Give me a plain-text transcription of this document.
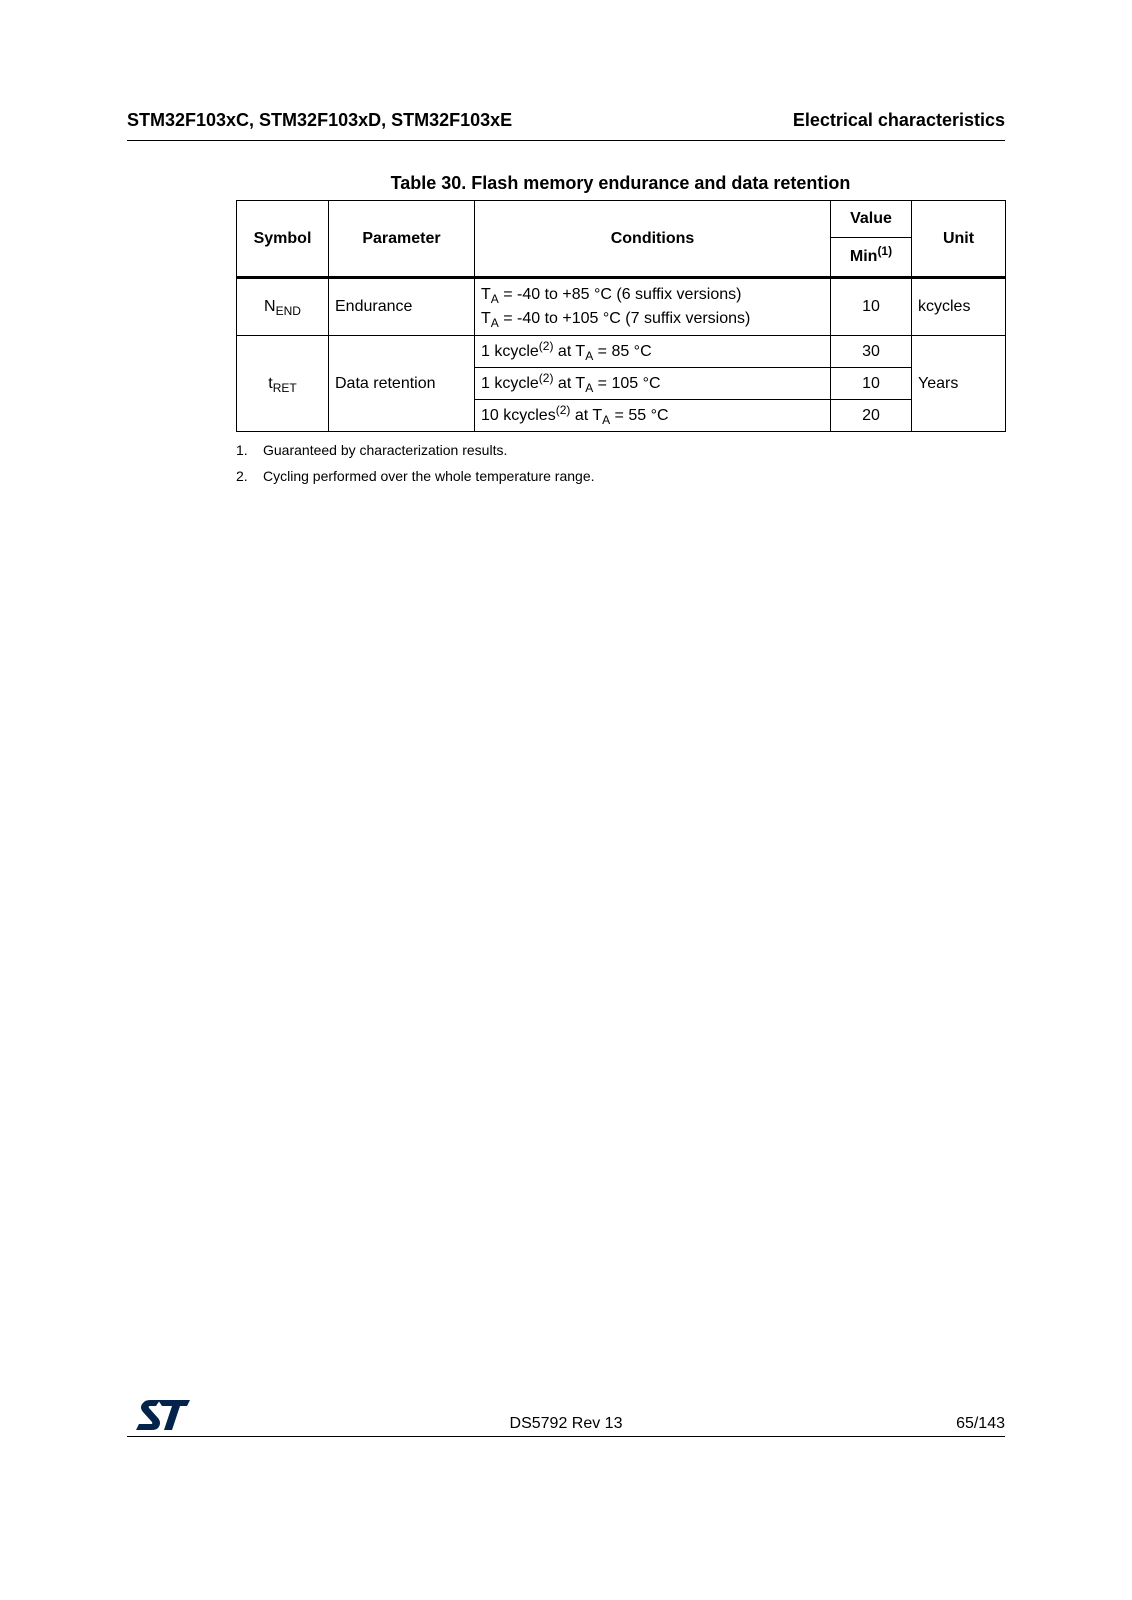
STM32F103xC, STM32F103xD, STM32F103xE	Electrical characteristics
Table 30. Flash memory endurance and data retention
Symbol	Parameter	Conditions	Value	Unit
			Min$^{(1)}$
$N_{END}$	Endurance	$T_A = -40$ to +85 °C (6 suffix versions)
$T_A = -40$ to +105 °C (7 suffix versions)	10	kcycles
$t_{RET}$	Data retention	1 kcycle$^{(2)}$ at $T_A = 85$ °C	30	Years
		1 kcycle$^{(2)}$ at $T_A = 105$ °C	10	
		10 kcycles$^{(2)}$ at $T_A = 55$ °C	20	
1. Guaranteed by characterization results.
2. Cycling performed over the whole temperature range.
DS5792 Rev 13	65/143
